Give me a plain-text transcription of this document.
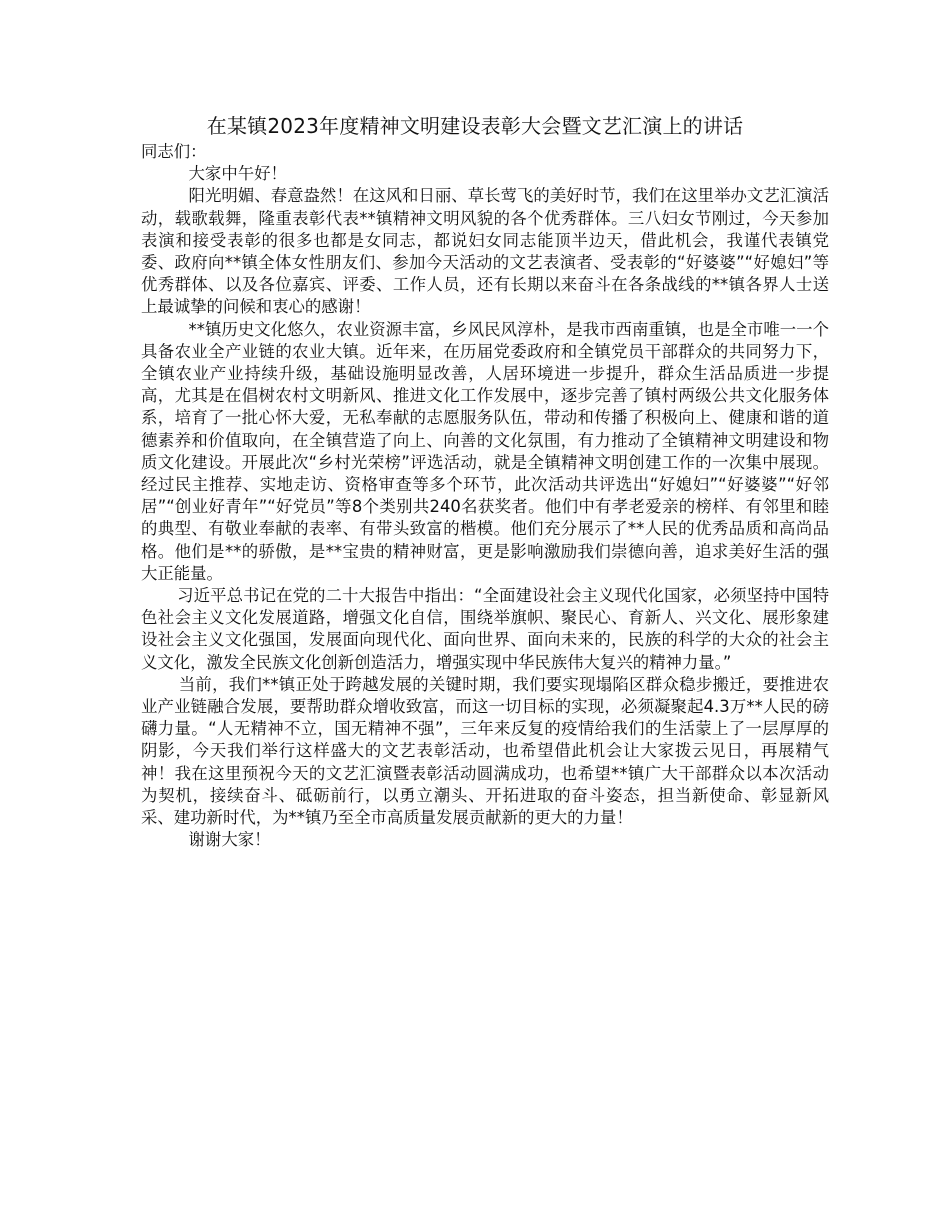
在某镇2023年度精神文明建设表彰大会暨文艺汇演上的讲话

同志们：

大家中午好！

阳光明媚、春意盎然！在这风和日丽、草长莺飞的美好时节，我们在这里举办文艺汇演活动，载歌载舞，隆重表彰代表**镇精神文明风貌的各个优秀群体。三八妇女节刚过，今天参加表演和接受表彰的很多也都是女同志，都说妇女同志能顶半边天，借此机会，我谨代表镇党委、政府向**镇全体女性朋友们、参加今天活动的文艺表演者、受表彰的“好婆婆”“好媳妇”等优秀群体、以及各位嘉宾、评委、工作人员，还有长期以来奋斗在各条战线的**镇各界人士送上最诚挚的问候和衷心的感谢！

**镇历史文化悠久，农业资源丰富，乡风民风淳朴，是我市西南重镇，也是全市唯一一个具备农业全产业链的农业大镇。近年来，在历届党委政府和全镇党员干部群众的共同努力下，全镇农业产业持续升级，基础设施明显改善，人居环境进一步提升，群众生活品质进一步提高，尤其是在倡树农村文明新风、推进文化工作发展中，逐步完善了镇村两级公共文化服务体系，培育了一批心怀大爱，无私奉献的志愿服务队伍，带动和传播了积极向上、健康和谐的道德素养和价值取向，在全镇营造了向上、向善的文化氛围，有力推动了全镇精神文明建设和物质文化建设。开展此次“乡村光荣榜”评选活动，就是全镇精神文明创建工作的一次集中展现。经过民主推荐、实地走访、资格审查等多个环节，此次活动共评选出“好媳妇”“好婆婆”“好邻居”“创业好青年”“好党员”等8个类别共240名获奖者。他们中有孝老爱亲的榜样、有邻里和睦的典型、有敬业奉献的表率、有带头致富的楷模。他们充分展示了**人民的优秀品质和高尚品格。他们是**的骄傲，是**宝贵的精神财富，更是影响激励我们崇德向善，追求美好生活的强大正能量。

习近平总书记在党的二十大报告中指出：“全面建设社会主义现代化国家，必须坚持中国特色社会主义文化发展道路，增强文化自信，围绕举旗帜、聚民心、育新人、兴文化、展形象建设社会主义文化强国，发展面向现代化、面向世界、面向未来的，民族的科学的大众的社会主义文化，激发全民族文化创新创造活力，增强实现中华民族伟大复兴的精神力量。”

当前，我们**镇正处于跨越发展的关键时期，我们要实现塌陷区群众稳步搬迁，要推进农业产业链融合发展，要帮助群众增收致富，而这一切目标的实现，必须凝聚起4.3万**人民的磅礴力量。“人无精神不立，国无精神不强”，三年来反复的疫情给我们的生活蒙上了一层厚厚的阴影，今天我们举行这样盛大的文艺表彰活动，也希望借此机会让大家拨云见日，再展精气神！我在这里预祝今天的文艺汇演暨表彰活动圆满成功，也希望**镇广大干部群众以本次活动为契机，接续奋斗、砥砺前行，以勇立潮头、开拓进取的奋斗姿态，担当新使命、彰显新风采、建功新时代，为**镇乃至全市高质量发展贡献新的更大的力量！

谢谢大家！
